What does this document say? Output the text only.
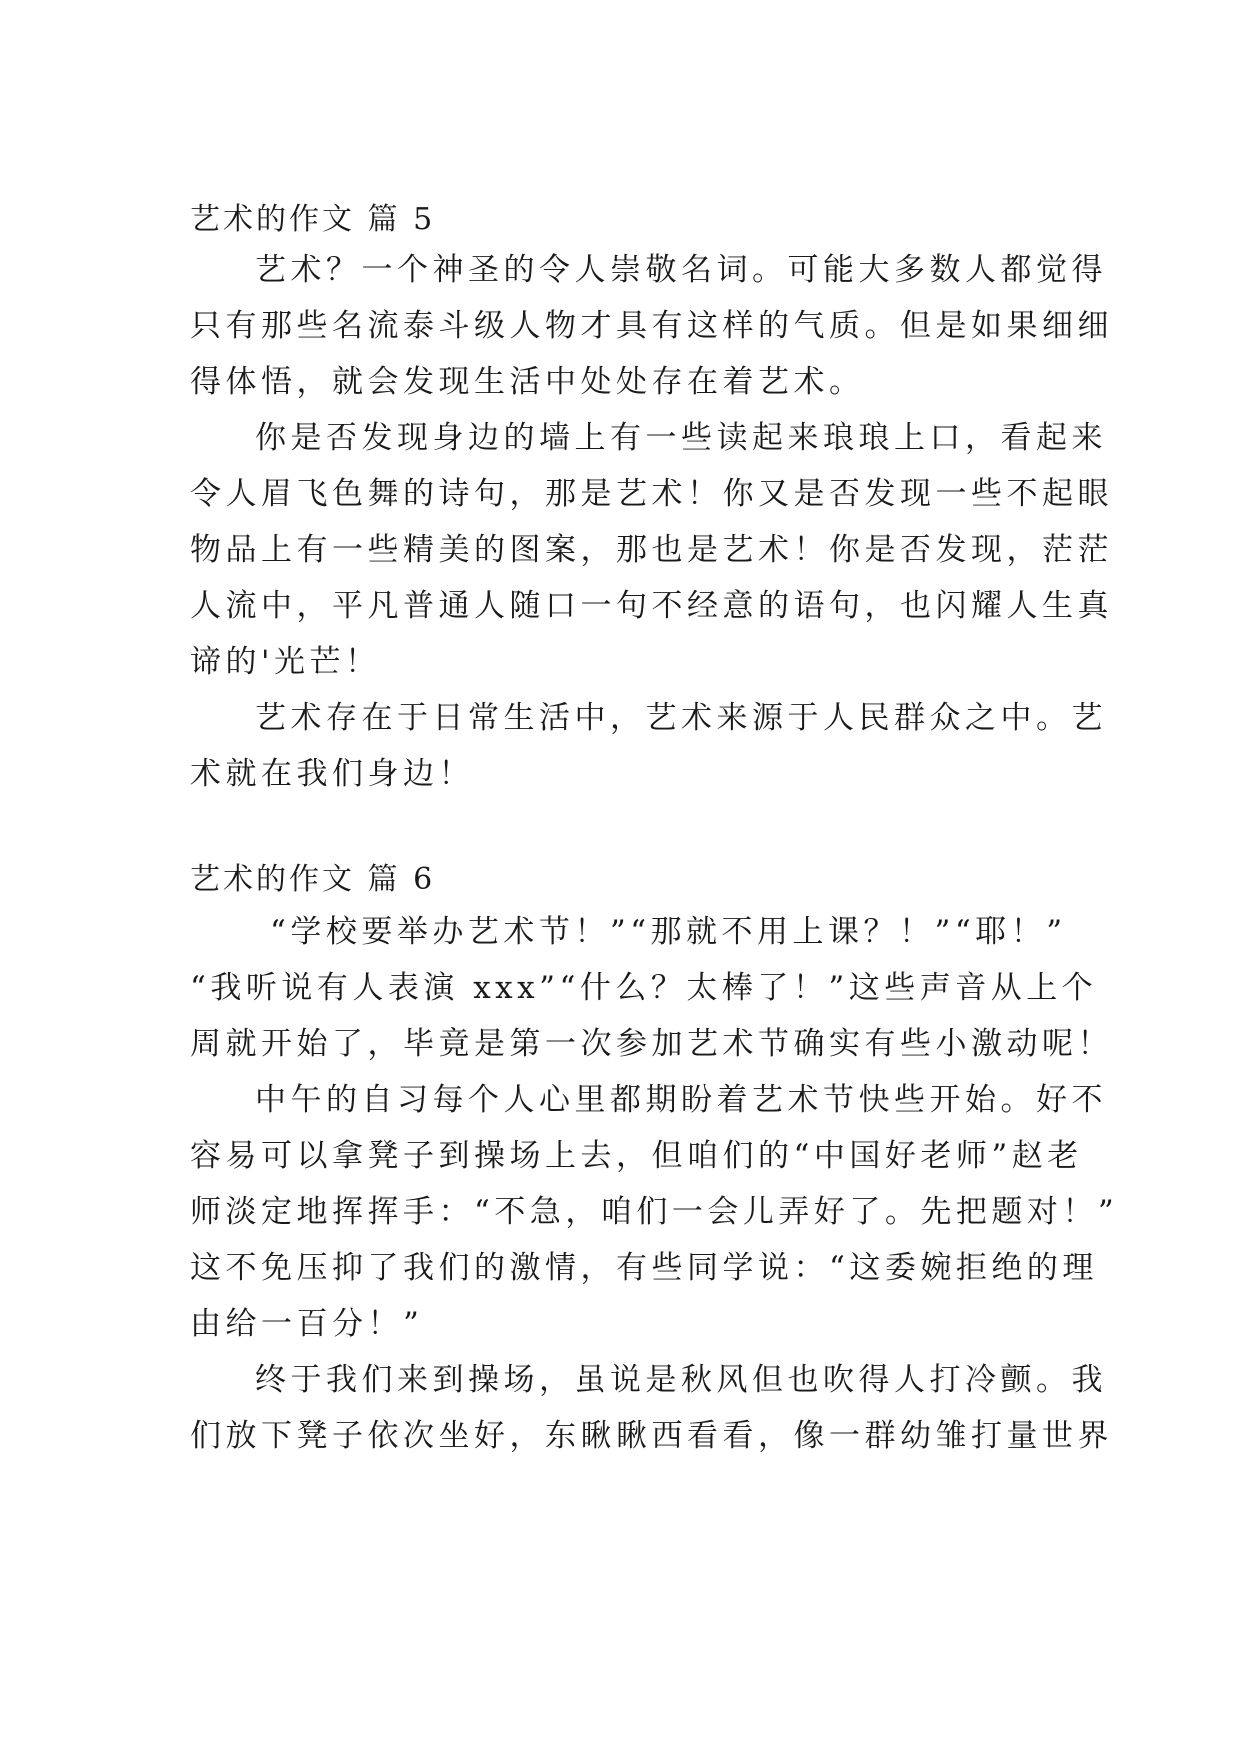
艺术的作文 篇 5
艺术？一个神圣的令人崇敬名词。可能大多数人都觉得
只有那些名流泰斗级人物才具有这样的气质。但是如果细细
得体悟，就会发现生活中处处存在着艺术。
你是否发现身边的墙上有一些读起来琅琅上口，看起来
令人眉飞色舞的诗句，那是艺术！你又是否发现一些不起眼
物品上有一些精美的图案，那也是艺术！你是否发现，茫茫
人流中，平凡普通人随口一句不经意的语句，也闪耀人生真
谛的'光芒！
艺术存在于日常生活中，艺术来源于人民群众之中。艺
术就在我们身边！
艺术的作文 篇 6
“学校要举办艺术节！”“那就不用上课？！”“耶！”
“我听说有人表演 xxx”“什么？太棒了！”这些声音从上个
周就开始了，毕竟是第一次参加艺术节确实有些小激动呢！
中午的自习每个人心里都期盼着艺术节快些开始。好不
容易可以拿凳子到操场上去，但咱们的“中国好老师”赵老
师淡定地挥挥手：“不急，咱们一会儿弄好了。先把题对！”
这不免压抑了我们的激情，有些同学说：“这委婉拒绝的理
由给一百分！”
终于我们来到操场，虽说是秋风但也吹得人打冷颤。我
们放下凳子依次坐好，东瞅瞅西看看，像一群幼雏打量世界
